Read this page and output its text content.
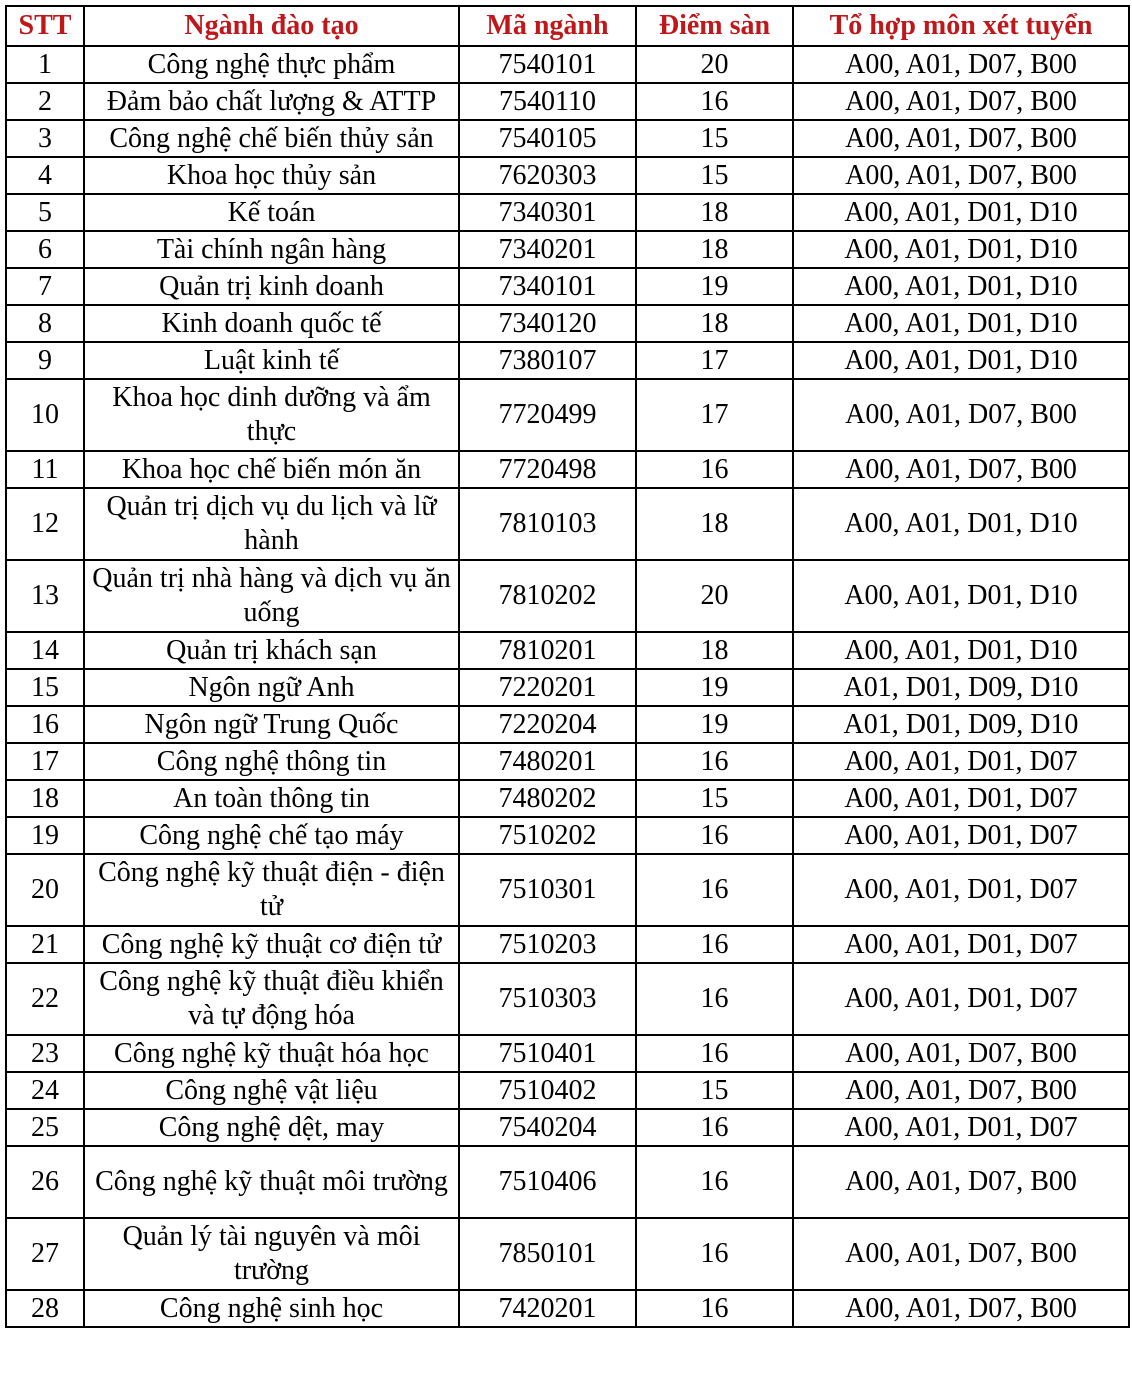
STT	Ngành đào tạo	Mã ngành	Điểm sàn	Tổ hợp môn xét tuyển
1	Công nghệ thực phẩm	7540101	20	A00, A01, D07, B00
2	Đảm bảo chất lượng & ATTP	7540110	16	A00, A01, D07, B00
3	Công nghệ chế biến thủy sản	7540105	15	A00, A01, D07, B00
4	Khoa học thủy sản	7620303	15	A00, A01, D07, B00
5	Kế toán	7340301	18	A00, A01, D01, D10
6	Tài chính ngân hàng	7340201	18	A00, A01, D01, D10
7	Quản trị kinh doanh	7340101	19	A00, A01, D01, D10
8	Kinh doanh quốc tế	7340120	18	A00, A01, D01, D10
9	Luật kinh tế	7380107	17	A00, A01, D01, D10
10	Khoa học dinh dưỡng và ẩm thực	7720499	17	A00, A01, D07, B00
11	Khoa học chế biến món ăn	7720498	16	A00, A01, D07, B00
12	Quản trị dịch vụ du lịch và lữ hành	7810103	18	A00, A01, D01, D10
13	Quản trị nhà hàng và dịch vụ ăn uống	7810202	20	A00, A01, D01, D10
14	Quản trị khách sạn	7810201	18	A00, A01, D01, D10
15	Ngôn ngữ Anh	7220201	19	A01, D01, D09, D10
16	Ngôn ngữ Trung Quốc	7220204	19	A01, D01, D09, D10
17	Công nghệ thông tin	7480201	16	A00, A01, D01, D07
18	An toàn thông tin	7480202	15	A00, A01, D01, D07
19	Công nghệ chế tạo máy	7510202	16	A00, A01, D01, D07
20	Công nghệ kỹ thuật điện - điện tử	7510301	16	A00, A01, D01, D07
21	Công nghệ kỹ thuật cơ điện tử	7510203	16	A00, A01, D01, D07
22	Công nghệ kỹ thuật điều khiển và tự động hóa	7510303	16	A00, A01, D01, D07
23	Công nghệ kỹ thuật hóa học	7510401	16	A00, A01, D07, B00
24	Công nghệ vật liệu	7510402	15	A00, A01, D07, B00
25	Công nghệ dệt, may	7540204	16	A00, A01, D01, D07
26	Công nghệ kỹ thuật môi trường	7510406	16	A00, A01, D07, B00
27	Quản lý tài nguyên và môi trường	7850101	16	A00, A01, D07, B00
28	Công nghệ sinh học	7420201	16	A00, A01, D07, B00
